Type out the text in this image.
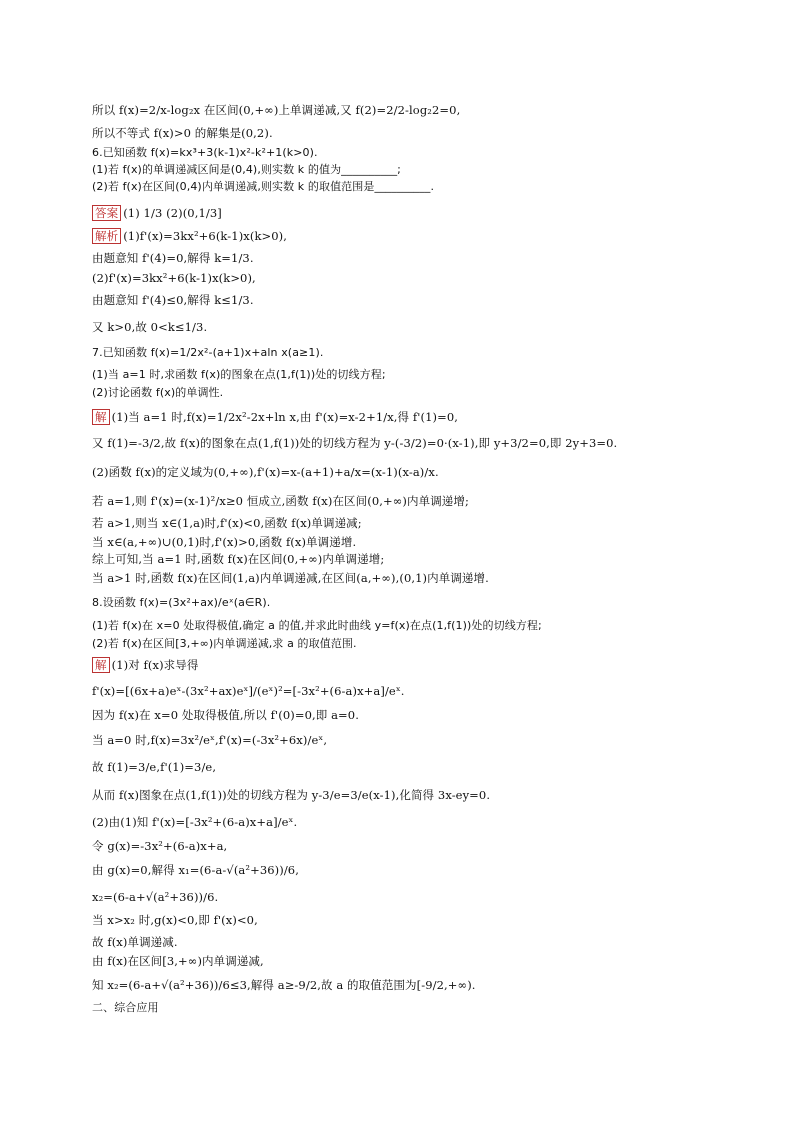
所以 f(x)=2/x-log₂x 在区间(0,+∞)上单调递减,又 f(2)=2/2-log₂2=0,
所以不等式 f(x)>0 的解集是(0,2).
6.已知函数 f(x)=kx³+3(k-1)x²-k²+1(k>0).
(1)若 f(x)的单调递减区间是(0,4),则实数 k 的值为__________;
(2)若 f(x)在区间(0,4)内单调递减,则实数 k 的取值范围是__________.
答案 (1) 1/3 (2)(0,1/3]
解析 (1)f'(x)=3kx²+6(k-1)x(k>0),
由题意知 f'(4)=0,解得 k=1/3.
(2)f'(x)=3kx²+6(k-1)x(k>0),
由题意知 f'(4)≤0,解得 k≤1/3.
又 k>0,故 0<k≤1/3.
7.已知函数 f(x)=1/2x²-(a+1)x+aln x(a≥1).
(1)当 a=1 时,求函数 f(x)的图象在点(1,f(1))处的切线方程;
(2)讨论函数 f(x)的单调性.
解 (1)当 a=1 时,f(x)=1/2x²-2x+ln x,由 f'(x)=x-2+1/x,得 f'(1)=0,
又 f(1)=-3/2,故 f(x)的图象在点(1,f(1))处的切线方程为 y-(-3/2)=0·(x-1),即 y+3/2=0,即 2y+3=0.
(2)函数 f(x)的定义域为(0,+∞),f'(x)=x-(a+1)+a/x=(x-1)(x-a)/x.
若 a=1,则 f'(x)=(x-1)²/x≥0 恒成立,函数 f(x)在区间(0,+∞)内单调递增;
若 a>1,则当 x∈(1,a)时,f'(x)<0,函数 f(x)单调递减;
当 x∈(a,+∞)∪(0,1)时,f'(x)>0,函数 f(x)单调递增.
综上可知,当 a=1 时,函数 f(x)在区间(0,+∞)内单调递增;
当 a>1 时,函数 f(x)在区间(1,a)内单调递减,在区间(a,+∞),(0,1)内单调递增.
8.设函数 f(x)=(3x²+ax)/eˣ(a∈R).
(1)若 f(x)在 x=0 处取得极值,确定 a 的值,并求此时曲线 y=f(x)在点(1,f(1))处的切线方程;
(2)若 f(x)在区间[3,+∞)内单调递减,求 a 的取值范围.
解 (1)对 f(x)求导得
f'(x)=[(6x+a)eˣ-(3x²+ax)eˣ]/(eˣ)²=[-3x²+(6-a)x+a]/eˣ.
因为 f(x)在 x=0 处取得极值,所以 f'(0)=0,即 a=0.
当 a=0 时,f(x)=3x²/eˣ,f'(x)=(-3x²+6x)/eˣ,
故 f(1)=3/e,f'(1)=3/e,
从而 f(x)图象在点(1,f(1))处的切线方程为 y-3/e=3/e(x-1),化简得 3x-ey=0.
(2)由(1)知 f'(x)=[-3x²+(6-a)x+a]/eˣ.
令 g(x)=-3x²+(6-a)x+a,
由 g(x)=0,解得 x₁=(6-a-√(a²+36))/6,
x₂=(6-a+√(a²+36))/6.
当 x>x₂ 时,g(x)<0,即 f'(x)<0,
故 f(x)单调递减.
由 f(x)在区间[3,+∞)内单调递减,
知 x₂=(6-a+√(a²+36))/6≤3,解得 a≥-9/2,故 a 的取值范围为[-9/2,+∞).
二、综合应用
